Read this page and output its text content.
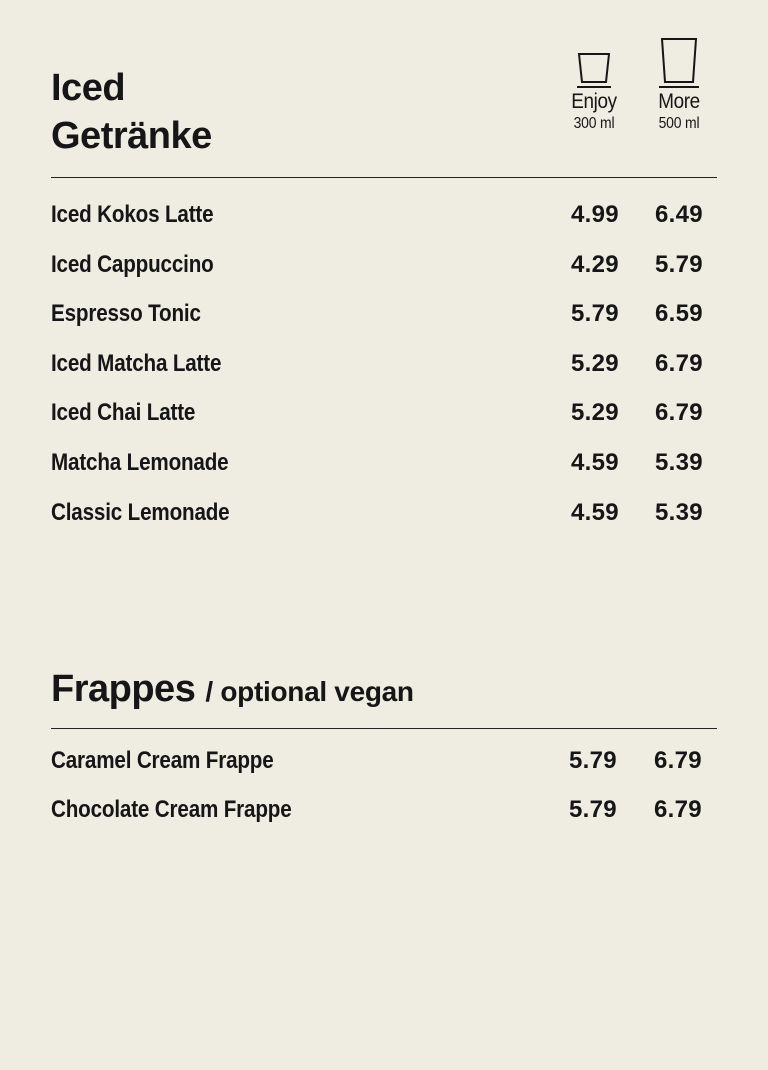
Iced
Getränke
Enjoy
300 ml
More
500 ml
Iced Kokos Latte	4.99	6.49
Iced Cappuccino	4.29	5.79
Espresso Tonic	5.79	6.59
Iced Matcha Latte	5.29	6.79
Iced Chai Latte	5.29	6.79
Matcha Lemonade	4.59	5.39
Classic Lemonade	4.59	5.39
Frappes / optional vegan
Caramel Cream Frappe	5.79	6.79
Chocolate Cream Frappe	5.79	6.79
